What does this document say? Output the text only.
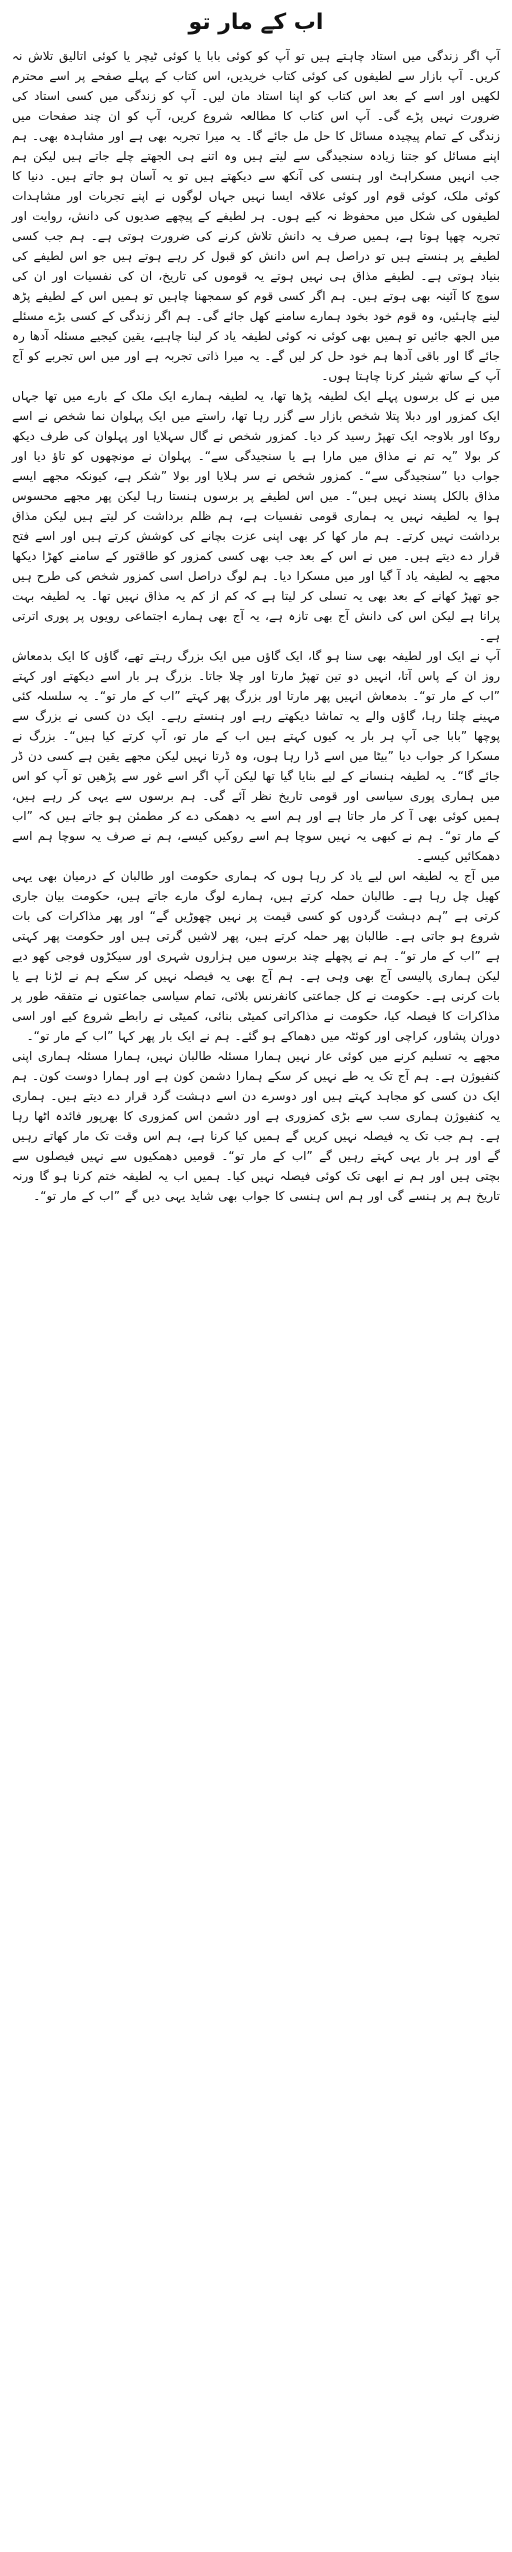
اب کے مار تو

آپ اگر زندگی میں استاد چاہتے ہیں تو آپ کو کوئی بابا یا کوئی ٹیچر یا کوئی اتالیق تلاش نہ کریں۔ آپ بازار سے لطیفوں کی کوئی کتاب خریدیں، اس کتاب کے پہلے صفحے پر اسے محترم لکھیں اور اسے کے بعد اس کتاب کو اپنا استاد مان لیں۔ آپ کو زندگی میں کسی استاد کی ضرورت نہیں پڑے گی۔ آپ اس کتاب کا مطالعہ شروع کریں، آپ کو ان چند صفحات میں زندگی کے تمام پیچیدہ مسائل کا حل مل جائے گا۔ یہ میرا تجربہ بھی ہے اور مشاہدہ بھی۔ ہم اپنے مسائل کو جتنا زیادہ سنجیدگی سے لیتے ہیں وہ اتنے ہی الجھتے چلے جاتے ہیں لیکن ہم جب انہیں مسکراہٹ اور ہنسی کی آنکھ سے دیکھتے ہیں تو یہ آسان ہو جاتے ہیں۔ دنیا کا کوئی ملک، کوئی قوم اور کوئی علاقہ ایسا نہیں جہاں لوگوں نے اپنے تجربات اور مشاہدات لطیفوں کی شکل میں محفوظ نہ کیے ہوں۔ ہر لطیفے کے پیچھے صدیوں کی دانش، روایت اور تجربہ چھپا ہوتا ہے، ہمیں صرف یہ دانش تلاش کرنے کی ضرورت ہوتی ہے۔ ہم جب کسی لطیفے پر ہنستے ہیں تو دراصل ہم اس دانش کو قبول کر رہے ہوتے ہیں جو اس لطیفے کی بنیاد ہوتی ہے۔ لطیفے مذاق ہی نہیں ہوتے یہ قوموں کی تاریخ، ان کی نفسیات اور ان کی سوچ کا آئینہ بھی ہوتے ہیں۔ ہم اگر کسی قوم کو سمجھنا چاہیں تو ہمیں اس کے لطیفے پڑھ لینے چاہئیں، وہ قوم خود بخود ہمارے سامنے کھل جائے گی۔ ہم اگر زندگی کے کسی بڑے مسئلے میں الجھ جائیں تو ہمیں بھی کوئی نہ کوئی لطیفہ یاد کر لینا چاہیے، یقین کیجیے مسئلہ آدھا رہ جائے گا اور باقی آدھا ہم خود حل کر لیں گے۔ یہ میرا ذاتی تجربہ ہے اور میں اس تجربے کو آج آپ کے ساتھ شیئر کرنا چاہتا ہوں۔

میں نے کل برسوں پہلے ایک لطیفہ پڑھا تھا، یہ لطیفہ ہمارے ایک ملک کے بارے میں تھا جہاں ایک کمزور اور دبلا پتلا شخص بازار سے گزر رہا تھا، راستے میں ایک پہلوان نما شخص نے اسے روکا اور بلاوجہ ایک تھپڑ رسید کر دیا۔ کمزور شخص نے گال سہلایا اور پہلوان کی طرف دیکھ کر بولا ”یہ تم نے مذاق میں مارا ہے یا سنجیدگی سے“۔ پہلوان نے مونچھوں کو تاؤ دیا اور جواب دیا ”سنجیدگی سے“۔ کمزور شخص نے سر ہلایا اور بولا ”شکر ہے، کیونکہ مجھے ایسے مذاق بالکل پسند نہیں ہیں“۔ میں اس لطیفے پر برسوں ہنستا رہا لیکن پھر مجھے محسوس ہوا یہ لطیفہ نہیں یہ ہماری قومی نفسیات ہے، ہم ظلم برداشت کر لیتے ہیں لیکن مذاق برداشت نہیں کرتے۔ ہم مار کھا کر بھی اپنی عزت بچانے کی کوشش کرتے ہیں اور اسے فتح قرار دے دیتے ہیں۔ میں نے اس کے بعد جب بھی کسی کمزور کو طاقتور کے سامنے کھڑا دیکھا مجھے یہ لطیفہ یاد آ گیا اور میں مسکرا دیا۔ ہم لوگ دراصل اسی کمزور شخص کی طرح ہیں جو تھپڑ کھانے کے بعد بھی یہ تسلی کر لیتا ہے کہ کم از کم یہ مذاق نہیں تھا۔ یہ لطیفہ بہت پرانا ہے لیکن اس کی دانش آج بھی تازہ ہے، یہ آج بھی ہمارے اجتماعی رویوں پر پوری اترتی ہے۔

آپ نے ایک اور لطیفہ بھی سنا ہو گا، ایک گاؤں میں ایک بزرگ رہتے تھے، گاؤں کا ایک بدمعاش روز ان کے پاس آتا، انہیں دو تین تھپڑ مارتا اور چلا جاتا۔ بزرگ ہر بار اسے دیکھتے اور کہتے ”اب کے مار تو“۔ بدمعاش انہیں پھر مارتا اور بزرگ پھر کہتے ”اب کے مار تو“۔ یہ سلسلہ کئی مہینے چلتا رہا، گاؤں والے یہ تماشا دیکھتے رہے اور ہنستے رہے۔ ایک دن کسی نے بزرگ سے پوچھا ”بابا جی آپ ہر بار یہ کیوں کہتے ہیں اب کے مار تو، آپ کرتے کیا ہیں“۔ بزرگ نے مسکرا کر جواب دیا ”بیٹا میں اسے ڈرا رہا ہوں، وہ ڈرتا نہیں لیکن مجھے یقین ہے کسی دن ڈر جائے گا“۔ یہ لطیفہ ہنسانے کے لیے بنایا گیا تھا لیکن آپ اگر اسے غور سے پڑھیں تو آپ کو اس میں ہماری پوری سیاسی اور قومی تاریخ نظر آئے گی۔ ہم برسوں سے یہی کر رہے ہیں، ہمیں کوئی بھی آ کر مار جاتا ہے اور ہم اسے یہ دھمکی دے کر مطمئن ہو جاتے ہیں کہ ”اب کے مار تو“۔ ہم نے کبھی یہ نہیں سوچا ہم اسے روکیں کیسے، ہم نے صرف یہ سوچا ہم اسے دھمکائیں کیسے۔

میں آج یہ لطیفہ اس لیے یاد کر رہا ہوں کہ ہماری حکومت اور طالبان کے درمیان بھی یہی کھیل چل رہا ہے۔ طالبان حملہ کرتے ہیں، ہمارے لوگ مارے جاتے ہیں، حکومت بیان جاری کرتی ہے ”ہم دہشت گردوں کو کسی قیمت پر نہیں چھوڑیں گے“ اور پھر مذاکرات کی بات شروع ہو جاتی ہے۔ طالبان پھر حملہ کرتے ہیں، پھر لاشیں گرتی ہیں اور حکومت پھر کہتی ہے ”اب کے مار تو“۔ ہم نے پچھلے چند برسوں میں ہزاروں شہری اور سیکڑوں فوجی کھو دیے لیکن ہماری پالیسی آج بھی وہی ہے۔ ہم آج بھی یہ فیصلہ نہیں کر سکے ہم نے لڑنا ہے یا بات کرنی ہے۔ حکومت نے کل جماعتی کانفرنس بلائی، تمام سیاسی جماعتوں نے متفقہ طور پر مذاکرات کا فیصلہ کیا، حکومت نے مذاکراتی کمیٹی بنائی، کمیٹی نے رابطے شروع کیے اور اسی دوران پشاور، کراچی اور کوئٹہ میں دھماکے ہو گئے۔ ہم نے ایک بار پھر کہا ”اب کے مار تو“۔

مجھے یہ تسلیم کرنے میں کوئی عار نہیں ہمارا مسئلہ طالبان نہیں، ہمارا مسئلہ ہماری اپنی کنفیوژن ہے۔ ہم آج تک یہ طے نہیں کر سکے ہمارا دشمن کون ہے اور ہمارا دوست کون۔ ہم ایک دن کسی کو مجاہد کہتے ہیں اور دوسرے دن اسے دہشت گرد قرار دے دیتے ہیں۔ ہماری یہ کنفیوژن ہماری سب سے بڑی کمزوری ہے اور دشمن اس کمزوری کا بھرپور فائدہ اٹھا رہا ہے۔ ہم جب تک یہ فیصلہ نہیں کریں گے ہمیں کیا کرنا ہے، ہم اس وقت تک مار کھاتے رہیں گے اور ہر بار یہی کہتے رہیں گے ”اب کے مار تو“۔ قومیں دھمکیوں سے نہیں فیصلوں سے بچتی ہیں اور ہم نے ابھی تک کوئی فیصلہ نہیں کیا۔ ہمیں اب یہ لطیفہ ختم کرنا ہو گا ورنہ تاریخ ہم پر ہنسے گی اور ہم اس ہنسی کا جواب بھی شاید یہی دیں گے ”اب کے مار تو“۔
